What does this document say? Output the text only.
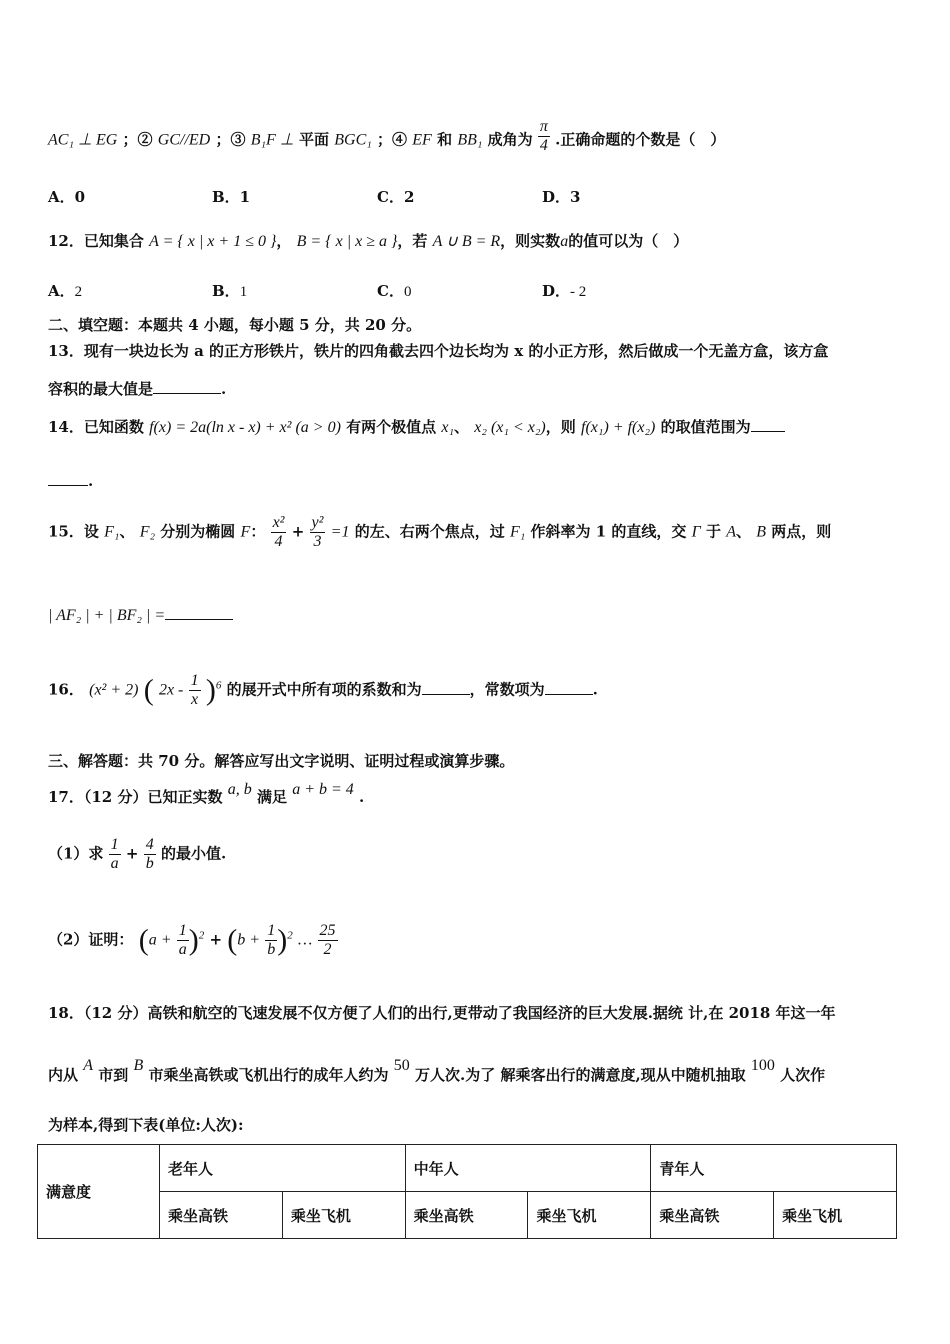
AC₁ ⊥ EG ；② GC//ED ；③ B₁F ⊥ 平面 BGC₁ ；④ EF 和 BB₁ 成角为 $\frac{\pi}{4}$ .正确命题的个数是（　）
A．0	B．1	C．2	D．3
12．已知集合 A = { x | x + 1 ≤ 0 }， B = { x | x ≥ a }，若 A ∪ B = R，则实数a的值可以为（　）
A．2	B．1	C．0	D．- 2
二、填空题：本题共 4 小题，每小题 5 分，共 20 分。
13．现有一块边长为 a 的正方形铁片，铁片的四角截去四个边长均为 x 的小正方形，然后做成一个无盖方盒，该方盒
容积的最大值是	.
14．已知函数 f(x) = 2a(ln x - x) + x² (a > 0) 有两个极值点 x₁、 x₂ (x₁ < x₂)，则 f(x₁) + f(x₂) 的取值范围为
.
15．设 F₁、 F₂ 分别为椭圆 F： $\frac{\text{x²}}{4} + \frac{\text{y²}}{3} =1$ 的左、右两个焦点，过 F₁ 作斜率为 1 的直线，交 Γ 于 A、 B 两点，则
| AF₂ | + | BF₂ | =
16． (x² + 2) ( $2x - \frac{1}{x} )^6$ 的展开式中所有项的系数和为	，常数项为	.
三、解答题：共 70 分。解答应写出文字说明、证明过程或演算步骤。
17．（12 分）已知正实数 a, b 满足 a + b = 4 .
（1）求 $\frac{1}{a} + \frac{4}{b}$ 的最小值.
（2）证明： $(a + \frac{1}{a} )^2 + (b + \frac{1}{b} )^2$ … $\frac{25}{2}$
18．（12 分）高铁和航空的飞速发展不仅方便了人们的出行,更带动了我国经济的巨大发展.据统 计,在 2018 年这一年
内从 A 市到 B 市乘坐高铁或飞机出行的成年人约为 50 万人次.为了 解乘客出行的满意度,现从中随机抽取 100 人次作
为样本,得到下表(单位:人次):
满意度	老年人		中年人		青年人	
	乘坐高铁	乘坐飞机	乘坐高铁	乘坐飞机	乘坐高铁	乘坐飞机
